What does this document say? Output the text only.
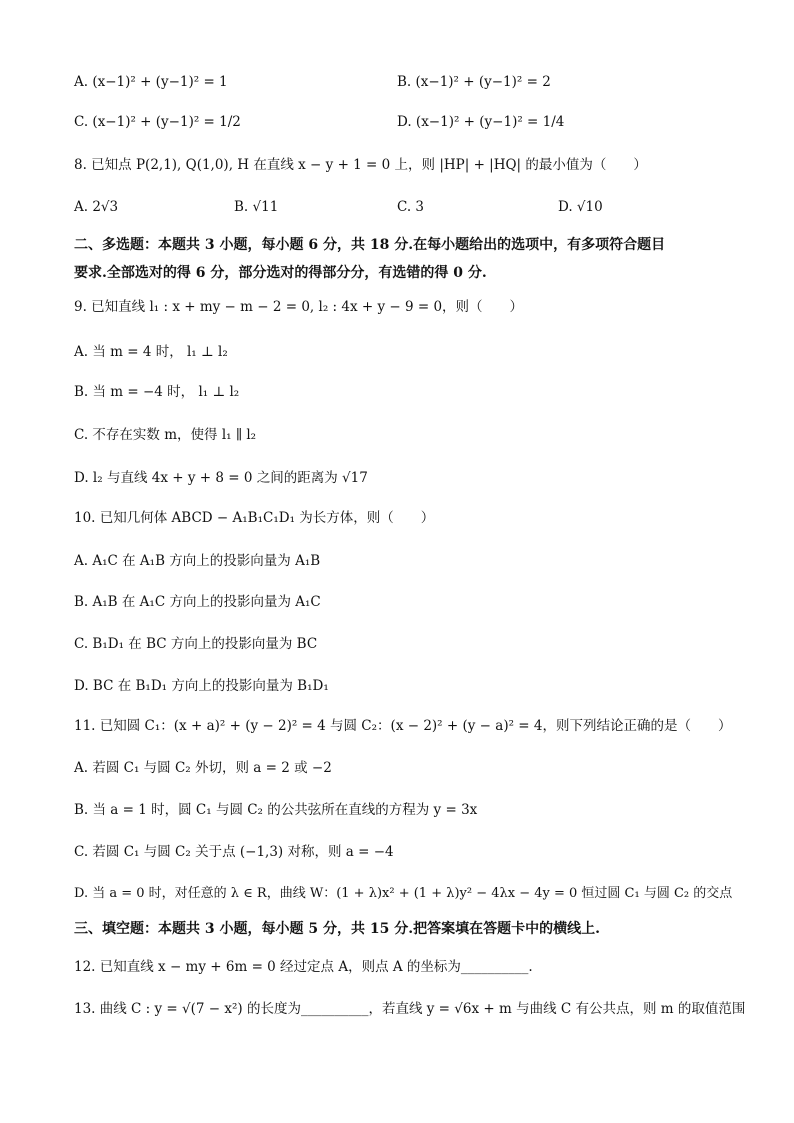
A. (x−1)² + (y−1)² = 1	B. (x−1)² + (y−1)² = 2
C. (x−1)² + (y−1)² = 1/2	D. (x−1)² + (y−1)² = 1/4
8. 已知点 P(2,1), Q(1,0), H 在直线 x − y + 1 = 0 上，则 |HP| + |HQ| 的最小值为（　　）
A. 2√3	B. √11	C. 3	D. √10
二、多选题：本题共 3 小题，每小题 6 分，共 18 分.在每小题给出的选项中，有多项符合题目
要求.全部选对的得 6 分，部分选对的得部分分，有选错的得 0 分.
9. 已知直线 l₁ : x + my − m − 2 = 0, l₂ : 4x + y − 9 = 0，则（　　）
A. 当 m = 4 时， l₁ ⊥ l₂
B. 当 m = −4 时， l₁ ⊥ l₂
C. 不存在实数 m，使得 l₁ ∥ l₂
D. l₂ 与直线 4x + y + 8 = 0 之间的距离为 √17
10. 已知几何体 ABCD − A₁B₁C₁D₁ 为长方体，则（　　）
A. A₁C 在 A₁B 方向上的投影向量为 A₁B
B. A₁B 在 A₁C 方向上的投影向量为 A₁C
C. B₁D₁ 在 BC 方向上的投影向量为 BC
D. BC 在 B₁D₁ 方向上的投影向量为 B₁D₁
11. 已知圆 C₁：(x + a)² + (y − 2)² = 4 与圆 C₂：(x − 2)² + (y − a)² = 4，则下列结论正确的是（　　）
A. 若圆 C₁ 与圆 C₂ 外切，则 a = 2 或 −2
B. 当 a = 1 时，圆 C₁ 与圆 C₂ 的公共弦所在直线的方程为 y = 3x
C. 若圆 C₁ 与圆 C₂ 关于点 (−1,3) 对称，则 a = −4
D. 当 a = 0 时，对任意的 λ ∈ R，曲线 W：(1 + λ)x² + (1 + λ)y² − 4λx − 4y = 0 恒过圆 C₁ 与圆 C₂ 的交点
三、填空题：本题共 3 小题，每小题 5 分，共 15 分.把答案填在答题卡中的横线上.
12. 已知直线 x − my + 6m = 0 经过定点 A，则点 A 的坐标为__________.
13. 曲线 C : y = √(7 − x²) 的长度为__________，若直线 y = √6x + m 与曲线 C 有公共点，则 m 的取值范围
